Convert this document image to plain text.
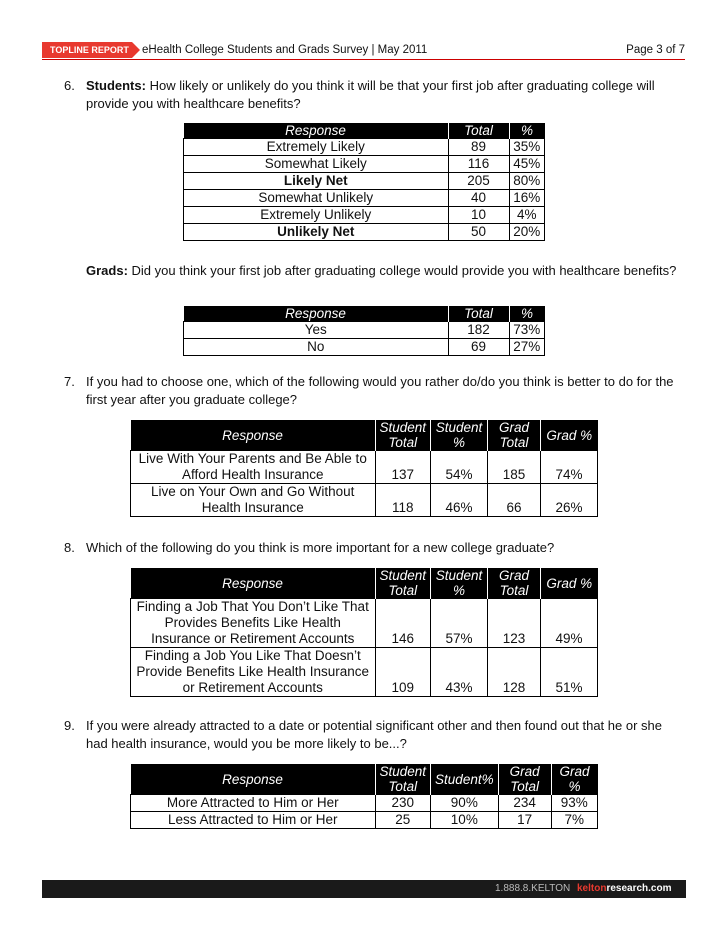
TOPLINE REPORT eHealth College Students and Grads Survey | May 2011	Page 3 of 7
6. Students: How likely or unlikely do you think it will be that your first job after graduating college will provide you with healthcare benefits?
Response	Total	%
Extremely Likely	89	35%
Somewhat Likely	116	45%
Likely Net	205	80%
Somewhat Unlikely	40	16%
Extremely Unlikely	10	4%
Unlikely Net	50	20%
Grads: Did you think your first job after graduating college would provide you with healthcare benefits?
Response	Total	%
Yes	182	73%
No	69	27%
7. If you had to choose one, which of the following would you rather do/do you think is better to do for the first year after you graduate college?
Response	Student Total	Student %	Grad Total	Grad %
Live With Your Parents and Be Able to Afford Health Insurance	137	54%	185	74%
Live on Your Own and Go Without Health Insurance	118	46%	66	26%
8. Which of the following do you think is more important for a new college graduate?
Response	Student Total	Student %	Grad Total	Grad %
Finding a Job That You Don’t Like That Provides Benefits Like Health Insurance or Retirement Accounts	146	57%	123	49%
Finding a Job You Like That Doesn’t Provide Benefits Like Health Insurance or Retirement Accounts	109	43%	128	51%
9. If you were already attracted to a date or potential significant other and then found out that he or she had health insurance, would you be more likely to be...?
Response	Student Total	Student%	Grad Total	Grad %
More Attracted to Him or Her	230	90%	234	93%
Less Attracted to Him or Her	25	10%	17	7%
1.888.8.KELTON keltonresearch.com
